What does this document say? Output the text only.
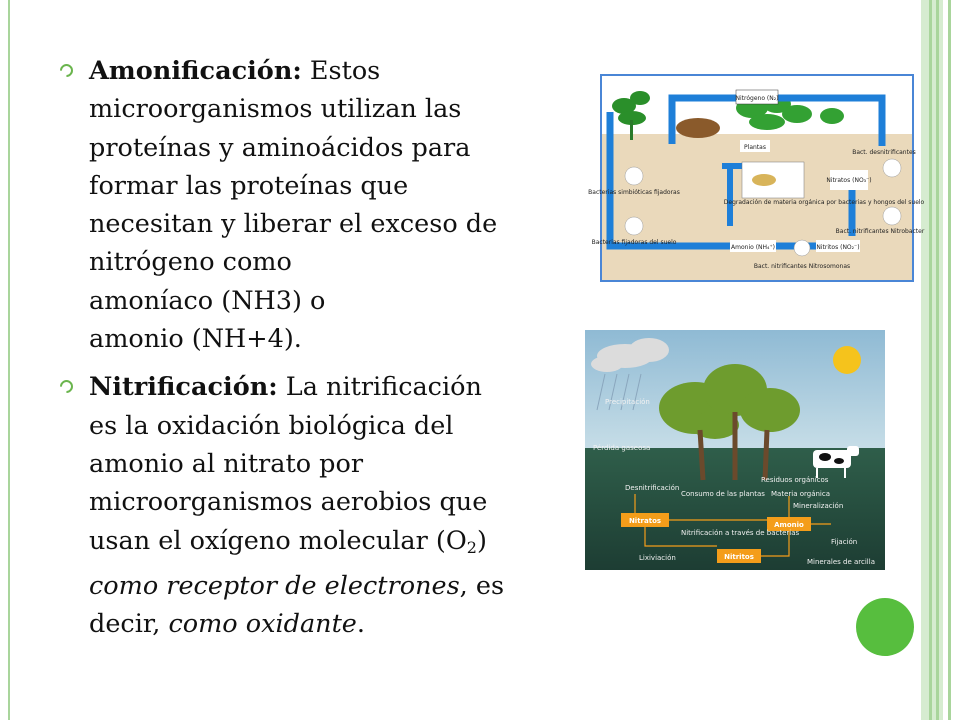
Amonificación: Estos
microorganismos utilizan las
proteínas y aminoácidos para
formar las proteínas que
necesitan y liberar el exceso de
nitrógeno como
amoníaco (NH3) o
amonio (NH+4).
Nitrificación: La nitrificación
es la oxidación biológica del
amonio al nitrato por
microorganismos aerobios que
usan el oxígeno molecular $(O_2)$
como receptor de electrones, es
decir, como oxidante.
Nitrógeno (N₂)
Plantas
Degradación de materia orgánica por bacterias y hongos del suelo
Nitratos (NO₃⁻)
Amonio (NH₄⁺)	Nitritos (NO₂⁻)
Bacterias simbióticas fijadoras
Bacterias fijadoras del suelo
Bact. desnitrificantes
Bact. nitrificantes Nitrobacter
Bact. nitrificantes Nitrosomonas
Precipitación
Pérdida gaseosa
Desnitrificación
Consumo de las plantas
Residuos orgánicos
Materia orgánica
Mineralización
Nitratos
Nitrificación a través de bacterias
Amonio
Fijación
Lixiviación	Nitritos
Minerales de arcilla
